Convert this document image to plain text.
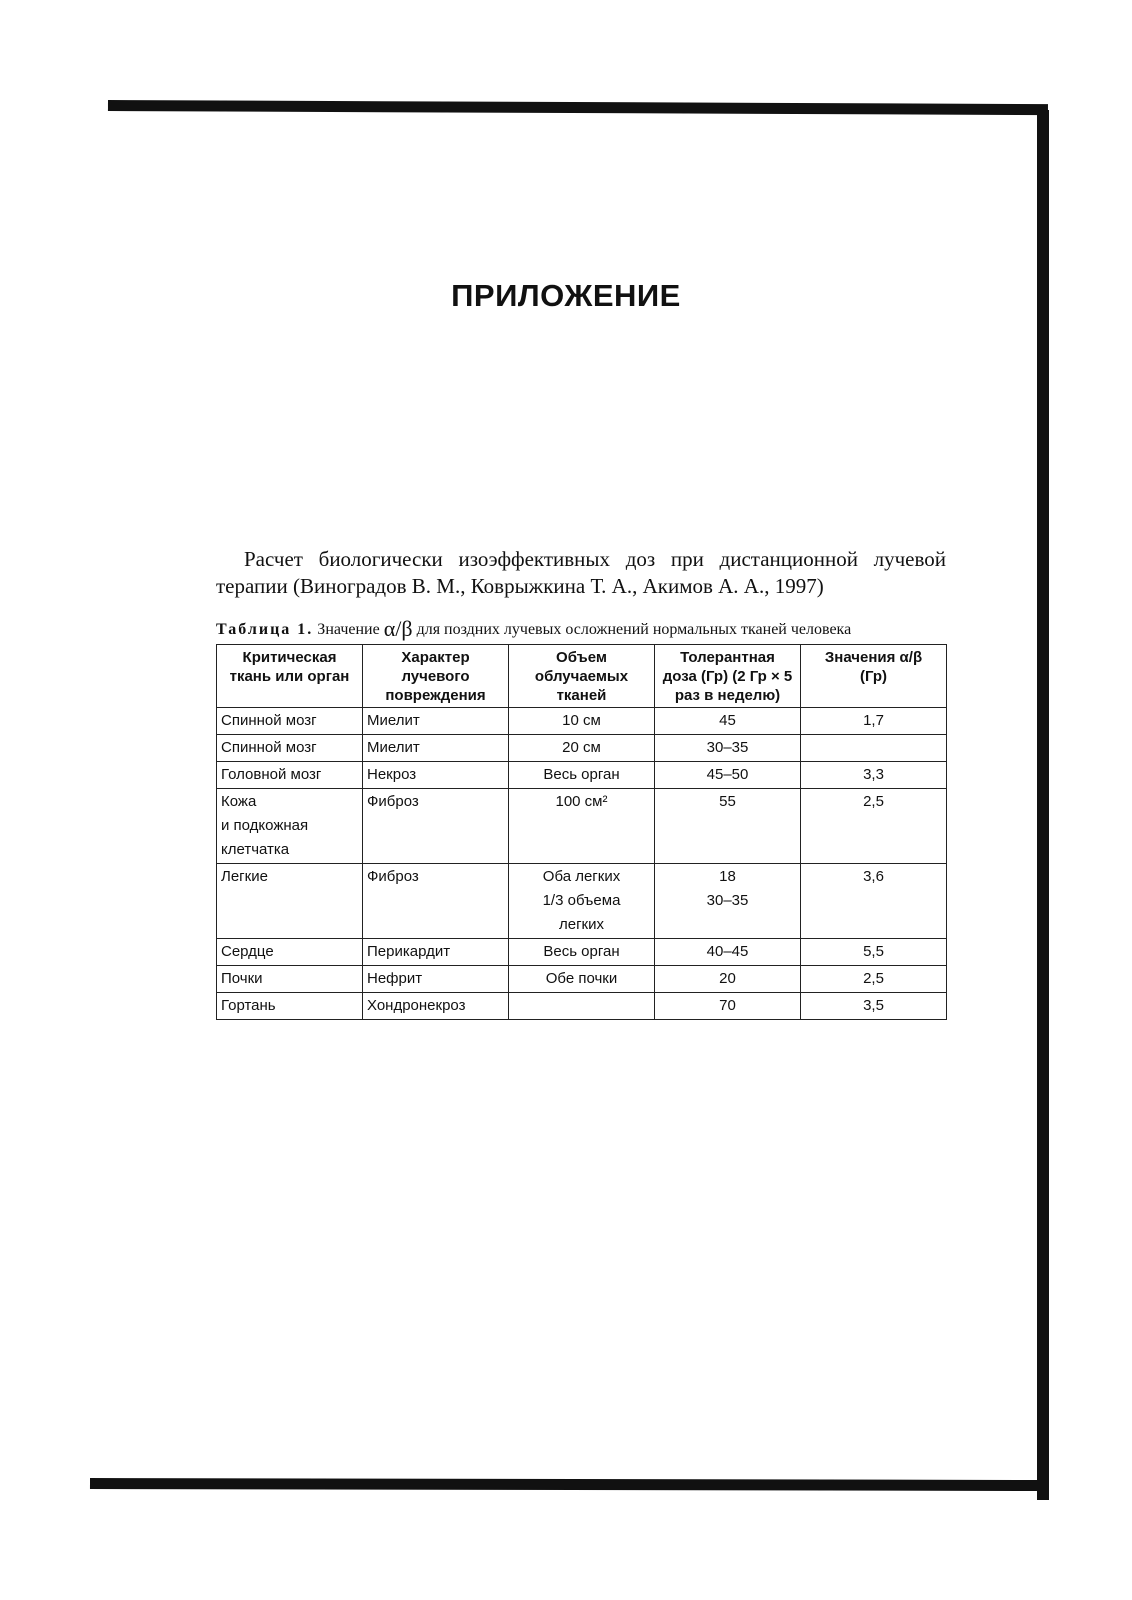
ПРИЛОЖЕНИЕ

Расчет биологически изоэффективных доз при дистанционной лучевой терапии (Виноградов В. М., Коврыжкина Т. А., Акимов А. А., 1997)

Таблица 1. Значение α/β для поздних лучевых осложнений нормальных тканей человека
Критическая
ткань или орган	Характер
лучевого
повреждения	Объем
облучаемых
тканей	Толерантная
доза (Гр) (2 Гр × 5
раз в неделю)	Значения α/β
(Гр)

Спинной мозг	Миелит	10 см	45	1,7

Спинной мозг	Миелит	20 см	30–35	

Головной мозг	Некроз	Весь орган	45–50	3,3

Кожа
и подкожная
клетчатка	Фиброз	100 см²	55	2,5

Легкие	Фиброз	Оба легких
1/3 объема
легких	18
30–35	3,6

Сердце	Перикардит	Весь орган	40–45	5,5

Почки	Нефрит	Обе почки	20	2,5

Гортань	Хондронекроз		70	3,5
